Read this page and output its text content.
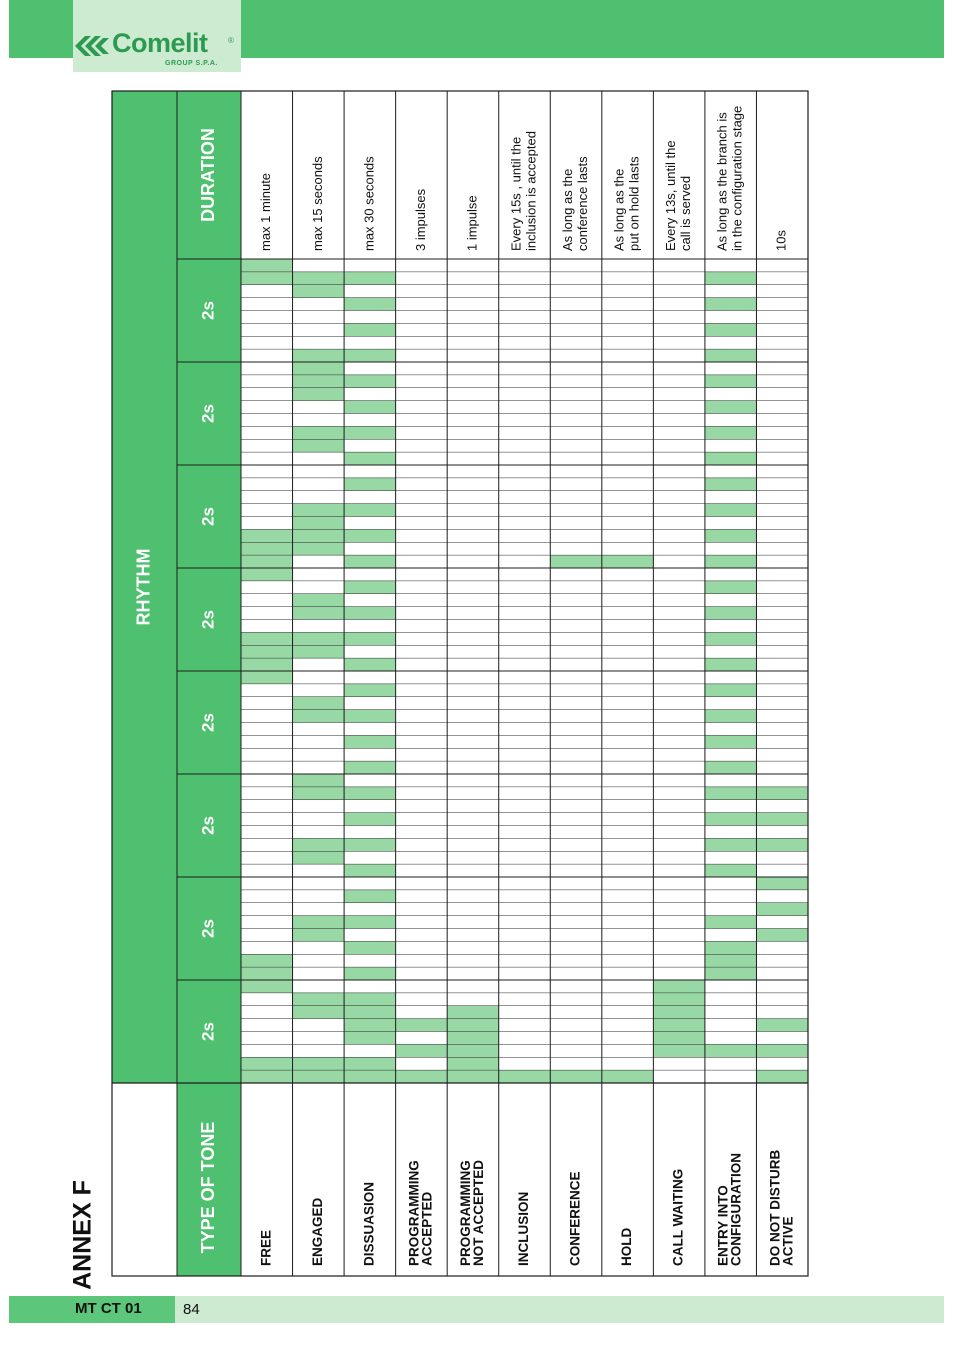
Comelit	®
GROUP S.P.A.
ANNEX F
RHYTHM
TYPE OF TONE
DURATION
2s
2s
2s
2s
2s
2s
2s
2s
FREE
max 1 minute
ENGAGED
max 15 seconds
DISSUASION
max 30 seconds
PROGRAMMING
ACCEPTED
3 impulses
PROGRAMMING
NOT ACCEPTED
1 impulse
INCLUSION
Every 15s , until the inclusion is accepted
CONFERENCE
As long as the conference lasts
HOLD
As long as the put on hold lasts
CALL WAITING
Every 13s, until the call is served
ENTRY INTO
CONFIGURATION
As long as the branch is in the configuration stage
DO NOT DISTURB
ACTIVE
10s
MT CT 01	84
